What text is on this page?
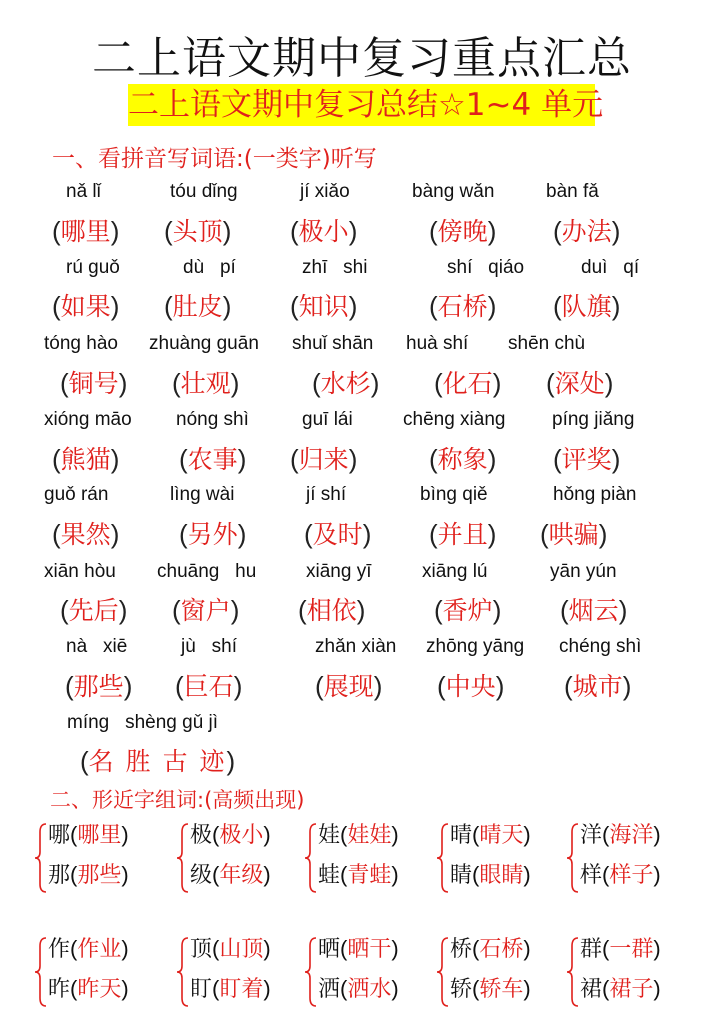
二上语文期中复习重点汇总
二上语文期中复习总结☆1~4 单元
一、看拼音写词语:(一类字)听写
nǎ lǐ
(哪里)
tóu dǐng
(头顶)
jí xiǎo
(极小)
bàng wǎn
(傍晚)
bàn fǎ
(办法)
rú guǒ
(如果)
dù   pí
(肚皮)
zhī   shi
(知识)
shí   qiáo
(石桥)
duì   qí
(队旗)
tóng hào
(铜号)
zhuàng guān
(壮观)
shuǐ shān
(水杉)
huà shí
(化石)
shēn chù
(深处)
xióng māo
(熊猫)
nóng shì
(农事)
guī lái
(归来)
chēng xiàng
(称象)
píng jiǎng
(评奖)
guǒ rán
(果然)
lìng wài
(另外)
jí shí
(及时)
bìng qiě
(并且)
hǒng piàn
(哄骗)
xiān hòu
(先后)
chuāng   hu
(窗户)
xiāng yī
(相依)
xiāng lú
(香炉)
yān yún
(烟云)
nà   xiē
(那些)
jù   shí
(巨石)
zhǎn xiàn
(展现)
zhōng yāng
(中央)
chéng shì
(城市)
míng   shèng gǔ jì
(名 胜 古 迹)
二、形近字组词:(高频出现)
哪(哪里)
那(那些)
极(极小)
级(年级)
娃(娃娃)
蛙(青蛙)
晴(晴天)
睛(眼睛)
洋(海洋)
样(样子)
作(作业)
昨(昨天)
顶(山顶)
盯(盯着)
晒(晒干)
洒(洒水)
桥(石桥)
轿(轿车)
群(一群)
裙(裙子)
